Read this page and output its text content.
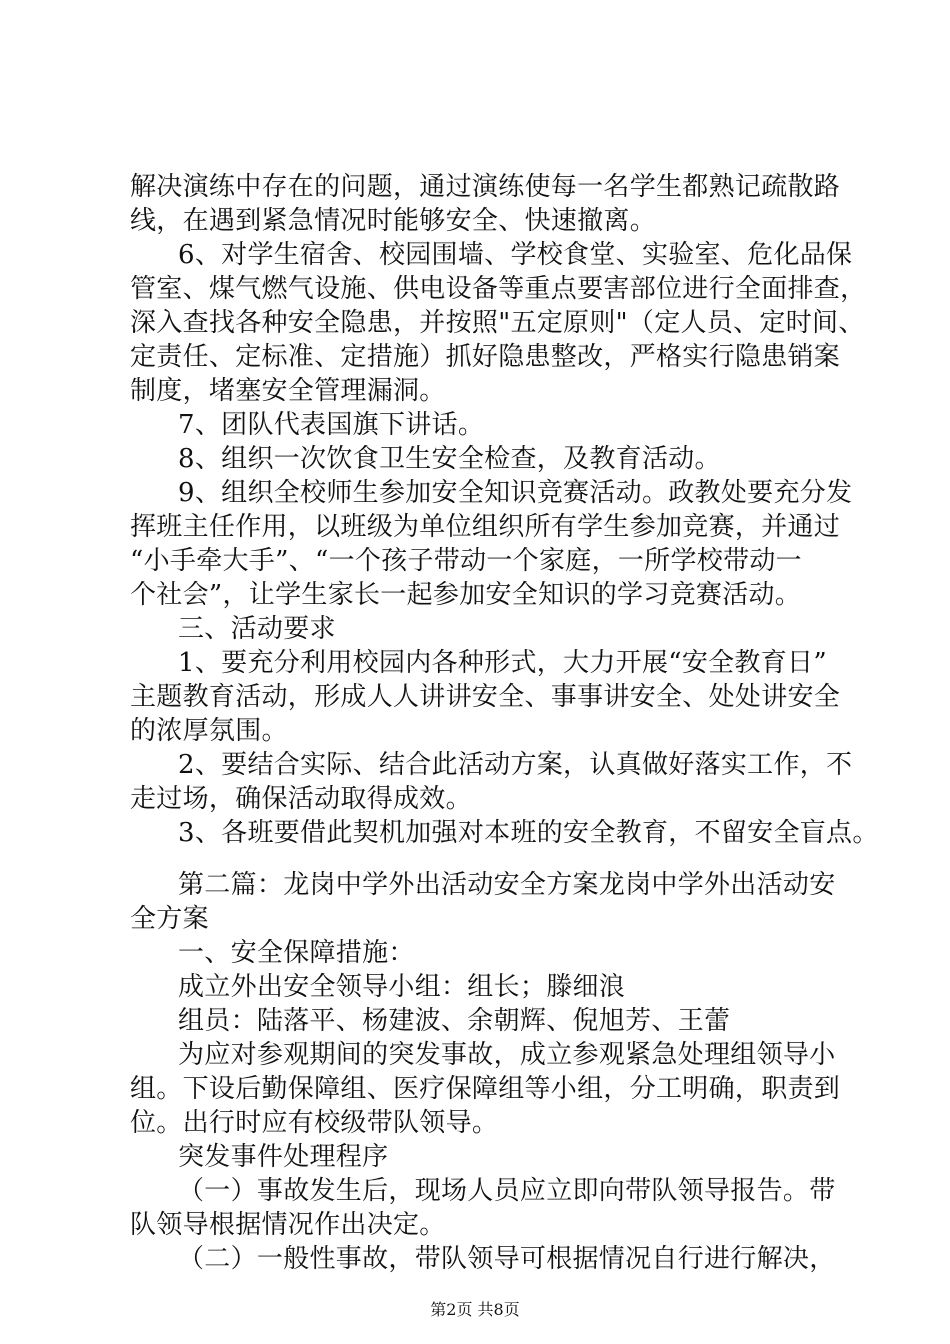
解决演练中存在的问题，通过演练使每一名学生都熟记疏散路
线，在遇到紧急情况时能够安全、快速撤离。
6、对学生宿舍、校园围墙、学校食堂、实验室、危化品保
管室、煤气燃气设施、供电设备等重点要害部位进行全面排查，
深入查找各种安全隐患，并按照"五定原则"（定人员、定时间、
定责任、定标准、定措施）抓好隐患整改，严格实行隐患销案
制度，堵塞安全管理漏洞。
7、团队代表国旗下讲话。
8、组织一次饮食卫生安全检查，及教育活动。
9、组织全校师生参加安全知识竞赛活动。政教处要充分发
挥班主任作用，以班级为单位组织所有学生参加竞赛，并通过
“小手牵大手”、“一个孩子带动一个家庭，一所学校带动一
个社会”，让学生家长一起参加安全知识的学习竞赛活动。
三、活动要求
1、要充分利用校园内各种形式，大力开展“安全教育日”
主题教育活动，形成人人讲讲安全、事事讲安全、处处讲安全
的浓厚氛围。
2、要结合实际、结合此活动方案，认真做好落实工作，不
走过场，确保活动取得成效。
3、各班要借此契机加强对本班的安全教育，不留安全盲点。
第二篇：龙岗中学外出活动安全方案龙岗中学外出活动安
全方案
一、安全保障措施：
成立外出安全领导小组：组长；滕细浪
组员：陆落平、杨建波、余朝辉、倪旭芳、王蕾
为应对参观期间的突发事故，成立参观紧急处理组领导小
组。下设后勤保障组、医疗保障组等小组，分工明确，职责到
位。出行时应有校级带队领导。
突发事件处理程序
（一）事故发生后，现场人员应立即向带队领导报告。带
队领导根据情况作出决定。
（二）一般性事故，带队领导可根据情况自行进行解决，
第2页 共8页
